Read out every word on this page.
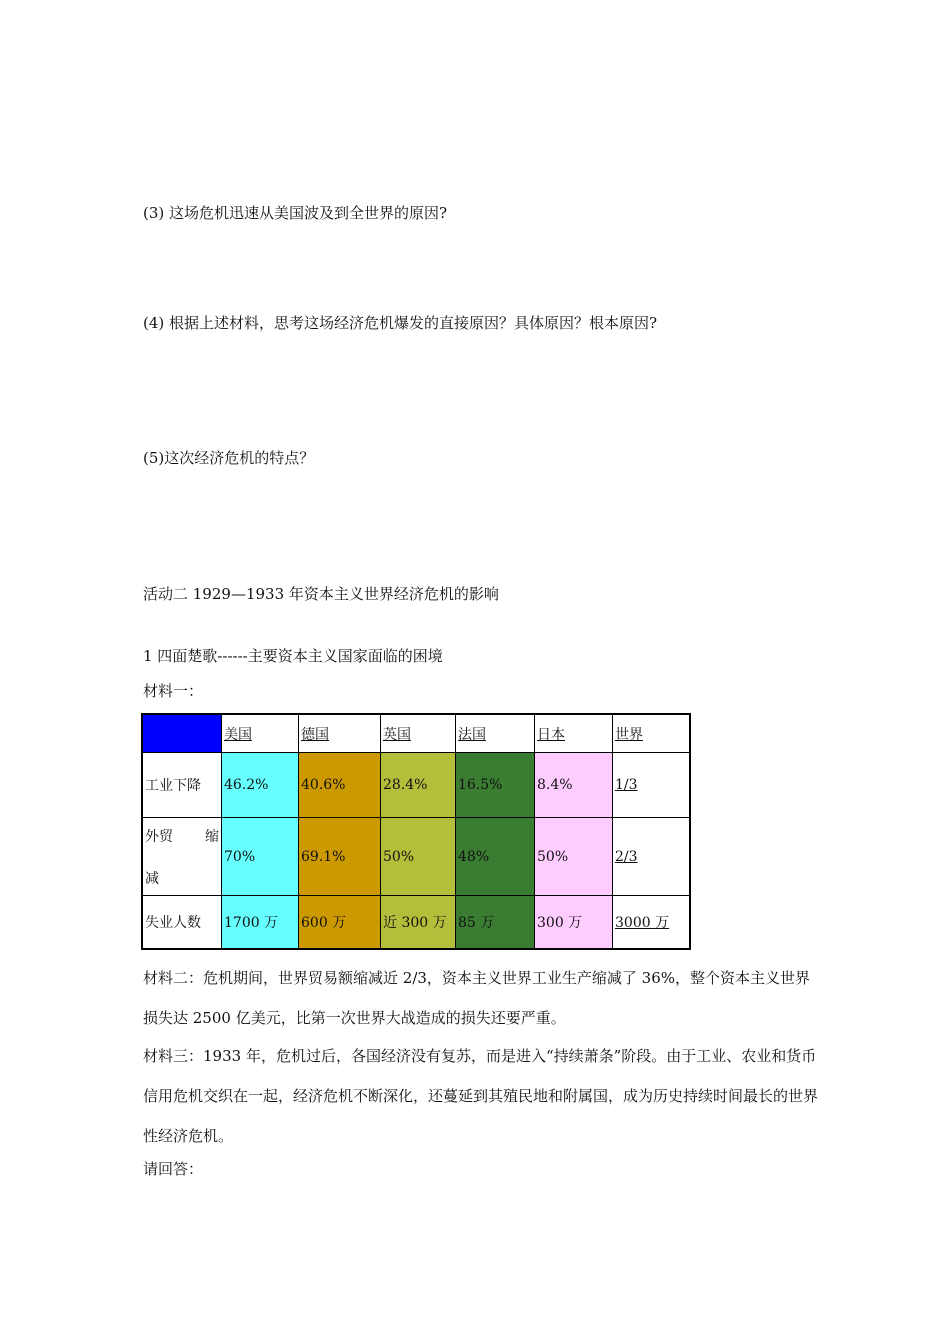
(3) 这场危机迅速从美国波及到全世界的原因?
(4) 根据上述材料，思考这场经济危机爆发的直接原因？具体原因？根本原因?
(5)这次经济危机的特点？
活动二 1929—1933 年资本主义世界经济危机的影响
1 四面楚歌------主要资本主义国家面临的困境
材料一：
	美国	德国	英国	法国	日本	世界
工业下降	46.2%	40.6%	28.4%	16.5%	8.4%	1/3

外贸 缩
减	70%	69.1%	50%	48%	50%	2/3
失业人数	1700 万	600 万	近 300 万	85 万	300 万	3000 万
材料二：危机期间，世界贸易额缩减近 2/3，资本主义世界工业生产缩减了 36%，整个资本主义世界损失达 2500 亿美元，比第一次世界大战造成的损失还要严重。
材料三：1933 年，危机过后，各国经济没有复苏，而是进入“持续萧条”阶段。由于工业、农业和货币信用危机交织在一起，经济危机不断深化，还蔓延到其殖民地和附属国，成为历史持续时间最长的世界性经济危机。
请回答：
